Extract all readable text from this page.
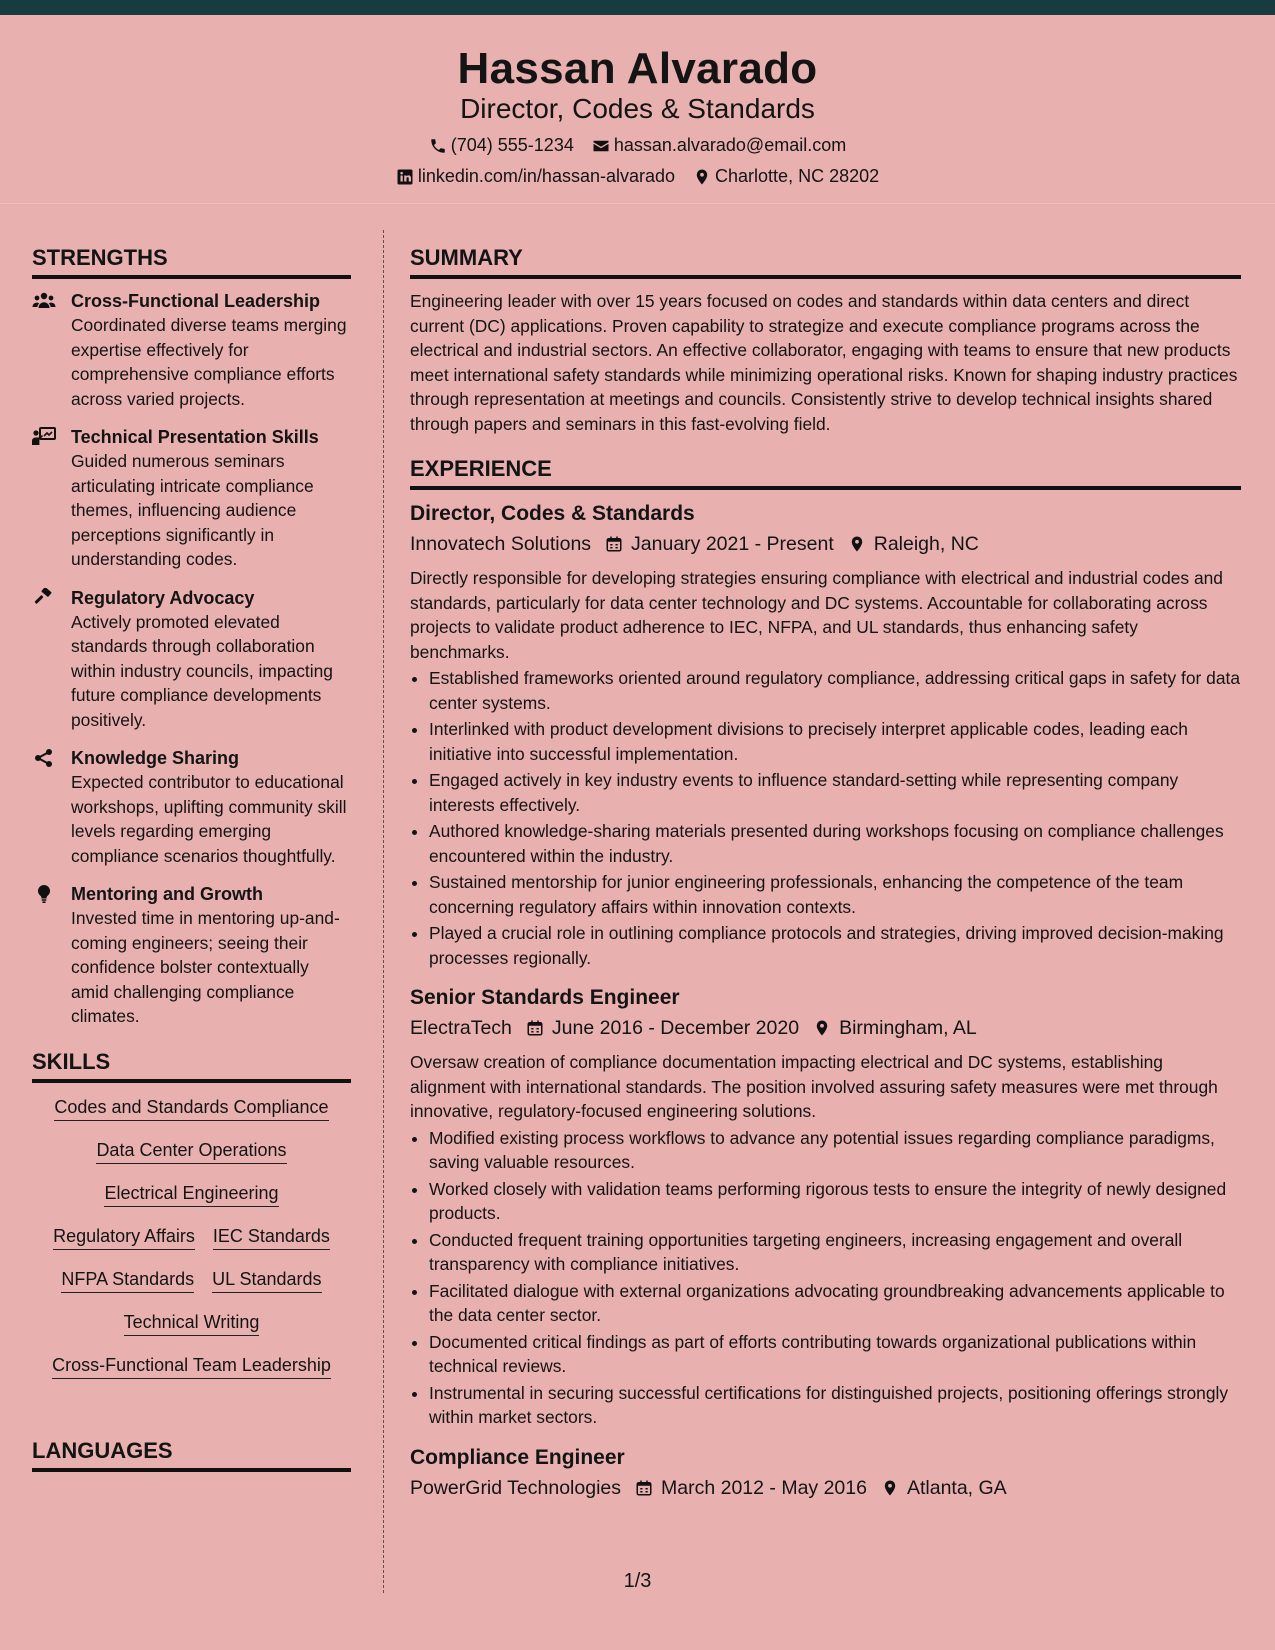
Hassan Alvarado
Director, Codes & Standards
(704) 555-1234 hassan.alvarado@email.com
linkedin.com/in/hassan-alvarado Charlotte, NC 28202
STRENGTHS
Cross-Functional Leadership
Coordinated diverse teams merging expertise effectively for comprehensive compliance efforts across varied projects.
Technical Presentation Skills
Guided numerous seminars articulating intricate compliance themes, influencing audience perceptions significantly in understanding codes.
Regulatory Advocacy
Actively promoted elevated standards through collaboration within industry councils, impacting future compliance developments positively.
Knowledge Sharing
Expected contributor to educational workshops, uplifting community skill levels regarding emerging compliance scenarios thoughtfully.
Mentoring and Growth
Invested time in mentoring up-and-coming engineers; seeing their confidence bolster contextually amid challenging compliance climates.
SKILLS
Codes and Standards Compliance
Data Center Operations
Electrical Engineering
Regulatory Affairs IEC Standards
NFPA Standards UL Standards
Technical Writing
Cross-Functional Team Leadership
LANGUAGES
SUMMARY

Engineering leader with over 15 years focused on codes and standards within data centers and direct current (DC) applications. Proven capability to strategize and execute compliance programs across the electrical and industrial sectors. An effective collaborator, engaging with teams to ensure that new products meet international safety standards while minimizing operational risks. Known for shaping industry practices through representation at meetings and councils. Consistently strive to develop technical insights shared through papers and seminars in this fast-evolving field.

EXPERIENCE
Director, Codes & Standards
Innovatech Solutions January 2021 - Present Raleigh, NC
Directly responsible for developing strategies ensuring compliance with electrical and industrial codes and standards, particularly for data center technology and DC systems. Accountable for collaborating across projects to validate product adherence to IEC, NFPA, and UL standards, thus enhancing safety benchmarks.
• Established frameworks oriented around regulatory compliance, addressing critical gaps in safety for data center systems.
• Interlinked with product development divisions to precisely interpret applicable codes, leading each initiative into successful implementation.
• Engaged actively in key industry events to influence standard-setting while representing company interests effectively.
• Authored knowledge-sharing materials presented during workshops focusing on compliance challenges encountered within the industry.
• Sustained mentorship for junior engineering professionals, enhancing the competence of the team concerning regulatory affairs within innovation contexts.
• Played a crucial role in outlining compliance protocols and strategies, driving improved decision-making processes regionally.
Senior Standards Engineer
ElectraTech June 2016 - December 2020 Birmingham, AL
Oversaw creation of compliance documentation impacting electrical and DC systems, establishing alignment with international standards. The position involved assuring safety measures were met through innovative, regulatory-focused engineering solutions.
• Modified existing process workflows to advance any potential issues regarding compliance paradigms, saving valuable resources.
• Worked closely with validation teams performing rigorous tests to ensure the integrity of newly designed products.
• Conducted frequent training opportunities targeting engineers, increasing engagement and overall transparency with compliance initiatives.
• Facilitated dialogue with external organizations advocating groundbreaking advancements applicable to the data center sector.
• Documented critical findings as part of efforts contributing towards organizational publications within technical reviews.
• Instrumental in securing successful certifications for distinguished projects, positioning offerings strongly within market sectors.
Compliance Engineer
PowerGrid Technologies March 2012 - May 2016 Atlanta, GA
1/3
